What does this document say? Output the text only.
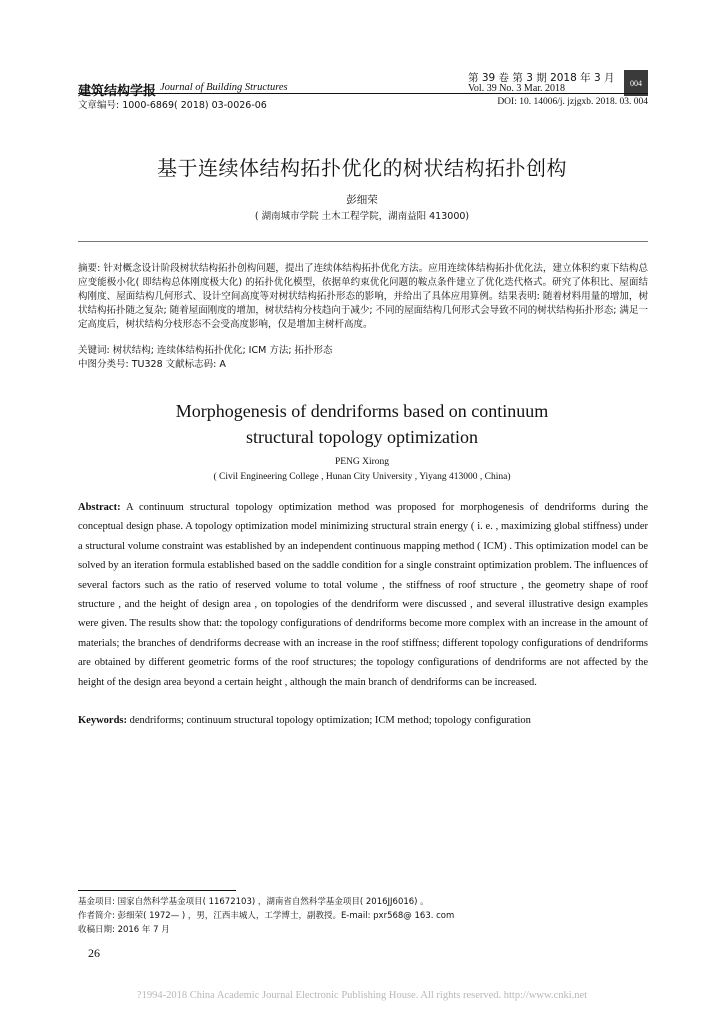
建筑结构学报 Journal of Building Structures
第 39 卷 第 3 期 2018 年 3 月
Vol. 39 No. 3 Mar. 2018	004
文章编号: 1000-6869( 2018) 03-0026-06	DOI: 10. 14006/j. jzjgxb. 2018. 03. 004
基于连续体结构拓扑优化的树状结构拓扑创构
彭细荣
( 湖南城市学院 土木工程学院，湖南益阳 413000)
摘要: 针对概念设计阶段树状结构拓扑创构问题，提出了连续体结构拓扑优化方法。应用连续体结构拓扑优化法，建立体积约束下结构总应变能极小化( 即结构总体刚度极大化) 的拓扑优化模型，依据单约束优化问题的鞍点条件建立了优化迭代格式。研究了体积比、屋面结构刚度、屋面结构几何形式、设计空间高度等对树状结构拓扑形态的影响，并给出了具体应用算例。结果表明: 随着材料用量的增加，树状结构拓扑随之复杂; 随着屋面刚度的增加，树状结构分枝趋向于减少; 不同的屋面结构几何形式会导致不同的树状结构拓扑形态; 满足一定高度后，树状结构分枝形态不会受高度影响，仅是增加主树杆高度。
关键词: 树状结构; 连续体结构拓扑优化; ICM 方法; 拓扑形态
中图分类号: TU328 文献标志码: A
Morphogenesis of dendriforms based on continuum
structural topology optimization
PENG Xirong
( Civil Engineering College , Hunan City University , Yiyang 413000 , China)
Abstract: A continuum structural topology optimization method was proposed for morphogenesis of dendriforms during the conceptual design phase. A topology optimization model minimizing structural strain energy ( i. e. , maximizing global stiffness) under a structural volume constraint was established by an independent continuous mapping method ( ICM) . This optimization model can be solved by an iteration formula established based on the saddle condition for a single constraint optimization problem. The influences of several factors such as the ratio of reserved volume to total volume , the stiffness of roof structure , the geometry shape of roof structure , and the height of design area , on topologies of the dendriform were discussed , and several illustrative design examples were given. The results show that: the topology configurations of dendriforms become more complex with an increase in the amount of materials; the branches of dendriforms decrease with an increase in the roof stiffness; different topology configurations of dendriforms are obtained by different geometric forms of the roof structures; the topology configurations of dendriforms are not affected by the height of the design area beyond a certain height , although the main branch of dendriforms can be increased.
Keywords: dendriforms; continuum structural topology optimization; ICM method; topology configuration
基金项目: 国家自然科学基金项目( 11672103) ，湖南省自然科学基金项目( 2016JJ6016) 。
作者简介: 彭细荣( 1972— ) ，男，江西丰城人，工学博士，副教授。E-mail: pxr568@ 163. com
收稿日期: 2016 年 7 月
26
?1994-2018 China Academic Journal Electronic Publishing House. All rights reserved. http://www.cnki.net
